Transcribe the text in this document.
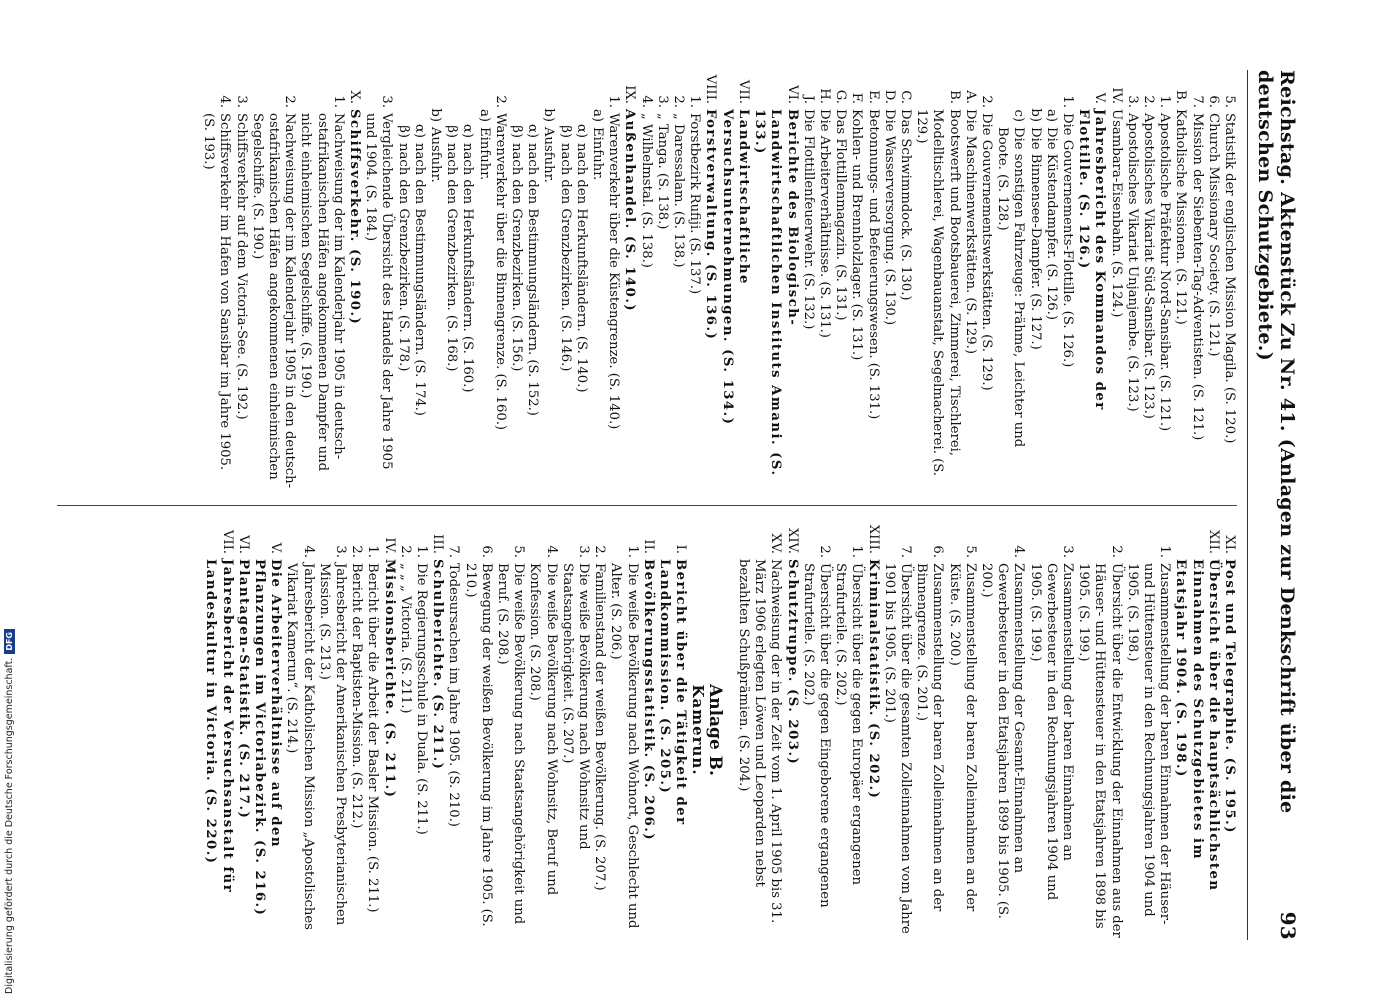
Reichstag. Aktenstück Zu Nr. 41. (Anlagen zur Denkschrift über die deutschen Schutzgebiete.)
93
5.
Statistik der englischen Mission Magila. (S. 120.)
6.
Church Missionary Society. (S. 121.)
7.
Mission der Siebenten-Tag-Adventisten. (S. 121.)
B.
Katholische Missionen. (S. 121.)
1.
Apostolische Präfektur Nord-Sansibar. (S. 121.)
2.
Apostolisches Vikariat Süd-Sansibar. (S. 123.)
3.
Apostolisches Vikariat Unjanjembe. (S. 123.)
IV.
Usambara-Eisenbahn. (S. 124.)
V.
Jahresbericht des Kommandos der Flottille. (S. 126.)
1.
Die Gouvernements-Flottille. (S. 126.)
a)
Die Küstendampfer. (S. 126.)
b)
Die Binnensee-Dampfer. (S. 127.)
c)
Die sonstigen Fahrzeuge: Prähme, Leichter und Boote. (S. 128.)
2.
Die Gouvernementswerkstätten. (S. 129.)
A.
Die Maschinenwerkstätten. (S. 129.)
B.
Bootswerft und Bootsbauerei, Zimmerei, Tischlerei, Modelltischlerei, Wagenbauanstalt, Segelmacherei. (S. 129.)
C.
Das Schwimmdock. (S. 130.)
D.
Die Wasserversorgung. (S. 130.)
E.
Betonnungs- und Befeuerungswesen. (S. 131.)
F.
Kohlen- und Brennholzlager. (S. 131.)
G.
Das Flottillenmagazin. (S. 131.)
H.
Die Arbeiterverhältnisse. (S. 131.)
J.
Die Flottillenfeuerwehr. (S. 132.)
VI.
Berichte des Biologisch-Landwirtschaftlichen Instituts Amani. (S. 133.)
VII.
Landwirtschaftliche Versuchsunternehmungen. (S. 134.)
VIII.
Forstverwaltung. (S. 136.)
1.
Forstbezirk Rufiji. (S. 137.)
2.
„ Daressalam. (S. 138.)
3.
„ Tanga. (S. 138.)
4.
„ Wilhelmstal. (S. 138.)
IX.
Außenhandel. (S. 140.)
1.
Warenverkehr über die Küstengrenze. (S. 140.)
a)
Einfuhr.
α)
nach den Herkunftsländern. (S. 140.)
β)
nach den Grenzbezirken. (S. 146.)
b)
Ausfuhr.
α)
nach den Bestimmungsländern. (S. 152.)
β)
nach den Grenzbezirken. (S. 156.)
2.
Warenverkehr über die Binnengrenze. (S. 160.)
a)
Einfuhr.
α)
nach den Herkunftsländern. (S. 160.)
β)
nach den Grenzbezirken. (S. 168.)
b)
Ausfuhr.
α)
nach den Bestimmungsländern. (S. 174.)
β)
nach den Grenzbezirken. (S. 178.)
3.
Vergleichende Übersicht des Handels der Jahre 1905 und 1904. (S. 184.)
X.
Schiffsverkehr. (S. 190.)
1.
Nachweisung der im Kalenderjahr 1905 in deutsch-ostafrikanischen Häfen angekommenen Dampfer und nicht einheimischen Segelschiffe. (S. 190.)
2.
Nachweisung der im Kalenderjahr 1905 in den deutsch-ostafrikanischen Häfen angekommenen einheimischen Segelschiffe. (S. 190.)
3.
Schiffsverkehr auf dem Victoria-See. (S. 192.)
4.
Schiffsverkehr im Hafen von Sansibar im Jahre 1905. (S. 193.)
XI.
Post und Telegraphie. (S. 195.)
XII.
Übersicht über die hauptsächlichsten Einnahmen des Schutzgebietes im Etatsjahr 1904. (S. 198.)
1.
Zusammenstellung der baren Einnahmen der Häuser- und Hüttensteuer in den Rechnungsjahren 1904 und 1905. (S. 198.)
2.
Übersicht über die Entwicklung der Einnahmen aus der Häuser- und Hüttensteuer in den Etatsjahren 1898 bis 1905. (S. 199.)
3.
Zusammenstellung der baren Einnahmen an Gewerbesteuer in den Rechnungsjahren 1904 und 1905. (S. 199.)
4.
Zusammenstellung der Gesamt-Einnahmen an Gewerbesteuer in den Etatsjahren 1899 bis 1905. (S. 200.)
5.
Zusammenstellung der baren Zolleinnahmen an der Küste. (S. 200.)
6.
Zusammenstellung der baren Zolleinnahmen an der Binnengrenze. (S. 201.)
7.
Übersicht über die gesamten Zolleinnahmen vom Jahre 1901 bis 1905. (S. 201.)
XIII.
Kriminalstatistik. (S. 202.)
1.
Übersicht über die gegen Europäer ergangenen Strafurteile. (S. 202.)
2.
Übersicht über die gegen Eingeborene ergangenen Strafurteile. (S. 202.)
XIV.
Schutztruppe. (S. 203.)
XV.
Nachweisung der in der Zeit vom 1. April 1905 bis 31. März 1906 erlegten Löwen und Leoparden nebst bezahlten Schußprämien. (S. 204.)
Anlage B.
Kamerun.
I.
Bericht über die Tätigkeit der Landkommission. (S. 205.)
II.
Bevölkerungsstatistik. (S. 206.)
1.
Die weiße Bevölkerung nach Wohnort, Geschlecht und Alter. (S. 206.)
2.
Familienstand der weißen Bevölkerung. (S. 207.)
3.
Die weiße Bevölkerung nach Wohnsitz und Staatsangehörigkeit. (S. 207.)
4.
Die weiße Bevölkerung nach Wohnsitz, Beruf und Konfession. (S. 208.)
5.
Die weiße Bevölkerung nach Staatsangehörigkeit und Beruf. (S. 208.)
6.
Bewegung der weißen Bevölkerung im Jahre 1905. (S. 210.)
7.
Todesursachen im Jahre 1905. (S. 210.)
III.
Schulberichte. (S. 211.)
1.
Die Regierungsschule in Duala. (S. 211.)
2.
„ „ „ Victoria. (S. 211.)
IV.
Missionsberichte. (S. 211.)
1.
Bericht über die Arbeit der Basler Mission. (S. 211.)
2.
Bericht der Baptisten-Mission. (S. 212.)
3.
Jahresbericht der Amerikanischen Presbyterianischen Mission. (S. 213.)
4.
Jahresbericht der Katholischen Mission „Apostolisches Vikariat Kamerun“. (S. 214.)
V.
Die Arbeiterverhältnisse auf den Pflanzungen im Victoriabezirk. (S. 216.)
VI.
Plantagen-Statistik. (S. 217.)
VII.
Jahresbericht der Versuchsanstalt für Landeskultur in Victoria. (S. 220.)
Digitalisierung gefördert durch die Deutsche Forschungsgemeinschaft.
DFG
